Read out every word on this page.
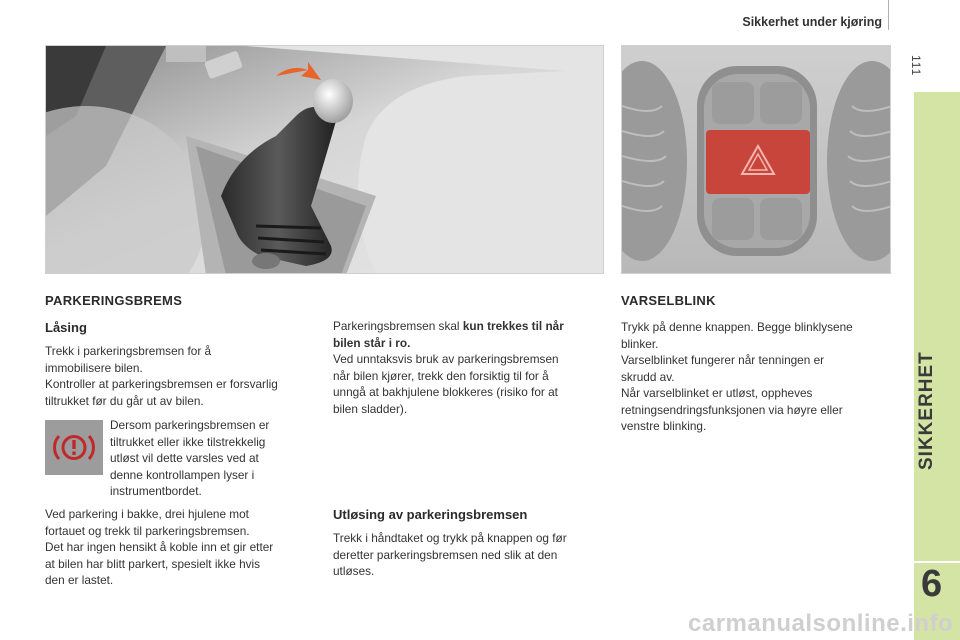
Sikkerhet under kjøring
111
SIKKERHET
6
PARKERINGSBREMS
Låsing

Trekk i parkeringsbremsen for å

immobilisere bilen.

Kontroller at parkeringsbremsen er forsvarlig

tiltrukket før du går ut av bilen.

Dersom parkeringsbremsen er

tiltrukket eller ikke tilstrekkelig

utløst vil dette varsles ved at

denne kontrollampen lyser i

instrumentbordet.

Ved parkering i bakke, drei hjulene mot

fortauet og trekk til parkeringsbremsen.

Det har ingen hensikt å koble inn et gir etter

at bilen har blitt parkert, spesielt ikke hvis

den er lastet.

Parkeringsbremsen skal kun trekkes til når

bilen står i ro.

Ved unntaksvis bruk av parkeringsbremsen

når bilen kjører, trekk den forsiktig til for å

unngå at bakhjulene blokkeres (risiko for at

bilen sladder).

Utløsing av parkeringsbremsen

Trekk i håndtaket og trykk på knappen og før

deretter parkeringsbremsen ned slik at den

utløses.

VARSELBLINK

Trykk på denne knappen. Begge blinklysene

blinker.

Varselblinket fungerer når tenningen er

skrudd av.

Når varselblinket er utløst, oppheves

retningsendringsfunksjonen via høyre eller

venstre blinking.

carmanualsonline.info
